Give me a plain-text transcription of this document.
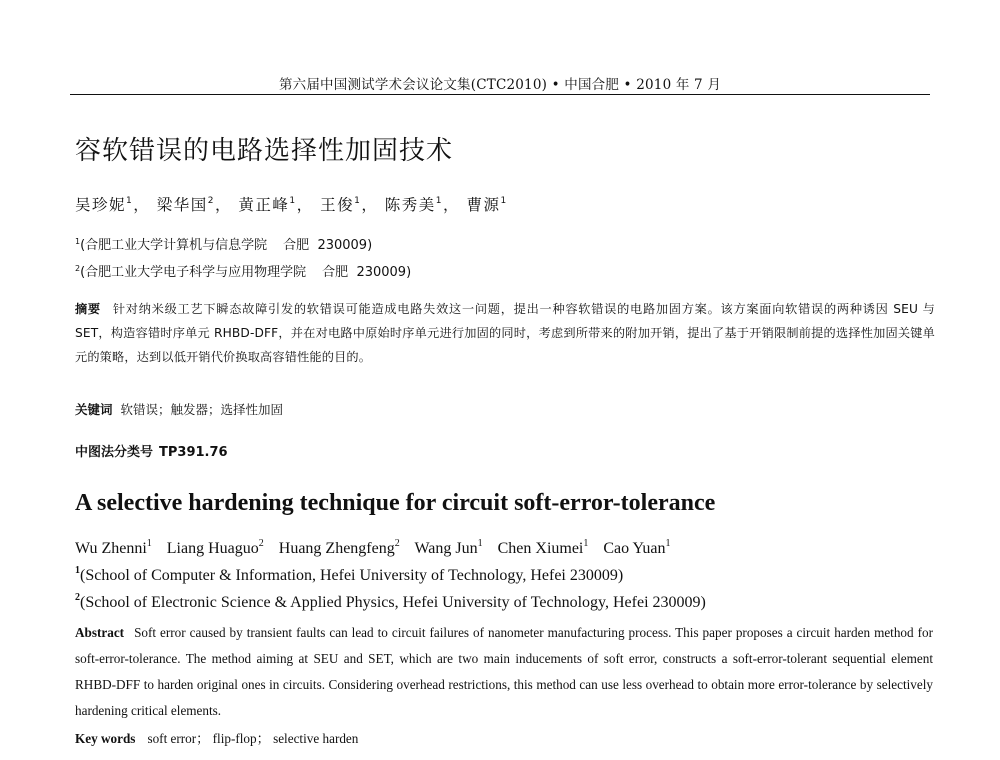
第六届中国测试学术会议论文集(CTC2010) • 中国合肥 • 2010 年 7 月
容软错误的电路选择性加固技术
吴珍妮$^1$， 梁华国$^2$， 黄正峰$^1$， 王俊$^1$， 陈秀美$^1$， 曹源$^1$
$^1$(合肥工业大学计算机与信息学院 合肥 230009)
$^2$(合肥工业大学电子科学与应用物理学院 合肥 230009)
摘要 针对纳米级工艺下瞬态故障引发的软错误可能造成电路失效这一问题，提出一种容软错误的电路加固方案。该方案面向软错误的两种诱因 SEU 与 SET，构造容错时序单元 RHBD-DFF，并在对电路中原始时序单元进行加固的同时，考虑到所带来的附加开销，提出了基于开销限制前提的选择性加固关键单元的策略，达到以低开销代价换取高容错性能的目的。
关键词 软错误；触发器；选择性加固
中图法分类号 TP391.76
A selective hardening technique for circuit soft-error-tolerance
Wu Zhenni$^1$ Liang Huaguo$^2$ Huang Zhengfeng$^2$ Wang Jun$^1$ Chen Xiumei$^1$ Cao Yuan$^1$
$^1$(School of Computer & Information, Hefei University of Technology, Hefei 230009)
$^2$(School of Electronic Science & Applied Physics, Hefei University of Technology, Hefei 230009)
Abstract Soft error caused by transient faults can lead to circuit failures of nanometer manufacturing process. This paper proposes a circuit harden method for soft-error-tolerance. The method aiming at SEU and SET, which are two main inducements of soft error, constructs a soft-error-tolerant sequential element RHBD-DFF to harden original ones in circuits. Considering overhead restrictions, this method can use less overhead to obtain more error-tolerance by selectively hardening critical elements.
Key words soft error； flip-flop； selective harden
